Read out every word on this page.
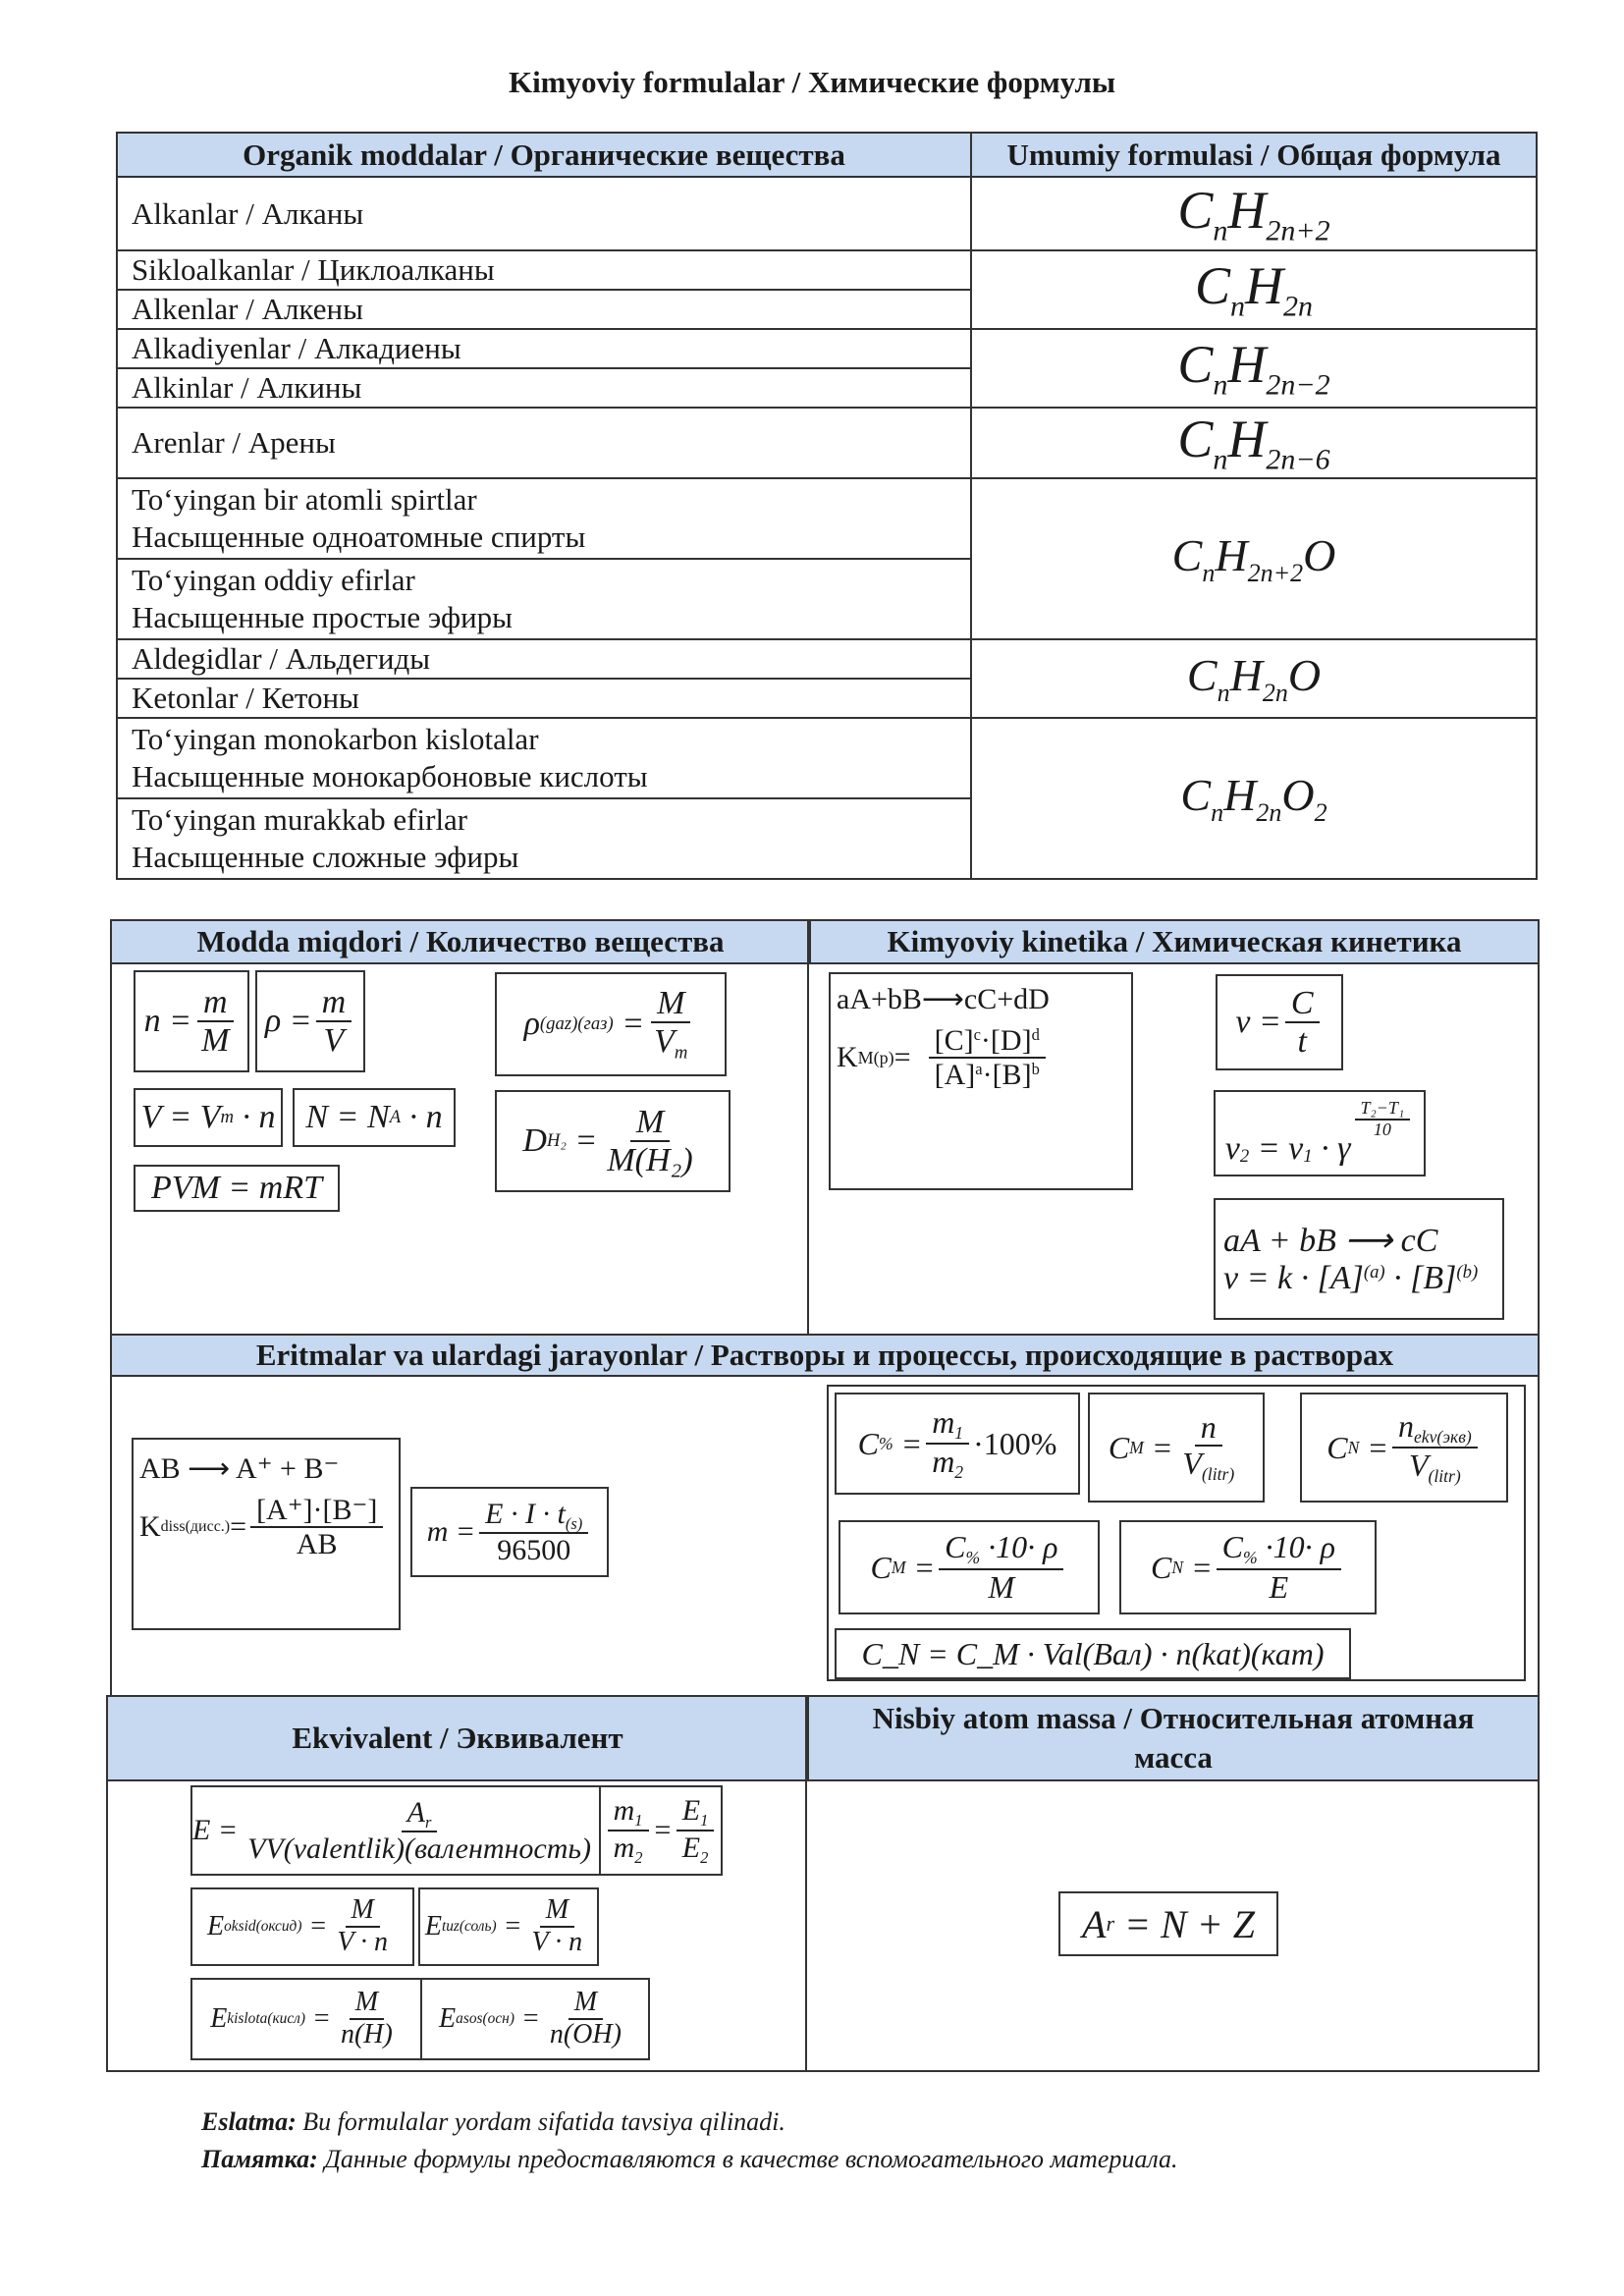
Kimyoviy formulalar / Химические формулы
Organik moddalar / Органические вещества	Umumiy formulasi / Общая формула
Alkanlar / Алканы	$C_nH_{2n+2}$
Sikloalkanlar / Циклоалканы	$C_nH_{2n}$
Alkenlar / Алкены	
Alkadiyenlar / Алкадиены	$C_nH_{2n-2}$
Alkinlar / Алкины	
Arenlar / Арены	$C_nH_{2n-6}$

To‘yingan bir atomli spirtlar
Насыщенные одноатомные спирты	$C_nH_{2n+2}O$

To‘yingan oddiy efirlar
Насыщенные простые эфиры	

Aldegidlar / Альдегиды	$C_nH_{2n}O$
Ketonlar / Кетоны	

To‘yingan monokarbon kislotalar
Насыщенные монокарбоновые кислоты	$C_nH_{2n}O_2$

To‘yingan murakkab efirlar
Насыщенные сложные эфиры	
Modda miqdori / Количество вещества	Kimyoviy kinetika / Химическая кинетика
$n = \frac{m}{M}$ $\rho = \frac{m}{V}$	ρ $(gaz)(газ) = \frac{M}{V_m}$
V = V m · n N = N A · n
D $H_2 = \frac{M}{\text{M(H₂)}}$
PVM = mRT
aA+bB⟶cC+dD
K $M(p) = \frac{[C]^c\cdot[D]^d}{[A]^a\cdot[B]^b}$
$v = \frac{C}{t}$
v 2 = v 1 · γ
$\frac{\text{T₂−T₁}}{10}$
aA + bB ⟶ cC
$v = k \cdot [A]^{(a)} \cdot [B]^{(b)}$
Eritmalar va ulardagi jarayonlar / Растворы и процессы, происходящие в растворах
AB ⟶ A⁺ + B⁻
K diss(дисс.) = $\frac{[A^+]\cdot[B^-]}{AB}$	$m = \frac{E \cdot I \cdot t_{(s)}}{96500}$
C % = $\frac{m_1}{m_2} \cdot 100\%$	C $M = \frac{n}{V_{(litr)}}$	C $N = \frac{n_{ekv(экв)}}{V_{(litr)}}$
C $M = \frac{C_{\%} \cdot 10\cdot \rho}{M}$	C $N = \frac{C_{\%} \cdot 10\cdot \rho}{E}$
C_N = C_M · Val(Вал) · n(kat)(кат)
Ekvivalent / Эквивалент
Nisbiy atom massa / Относительная атомная
масса
$E = \frac{A_r}{\text{VV(valentlik)(валентность)}} \frac{m_1}{m_2} = \frac{E_1}{E_2}$
E oksid(оксид) = $\frac{M}{V \cdot n}$ E tuz(соль) = $\frac{M}{V \cdot n}$
E kislota(кисл) = $\frac{M}{n(H)}$	E asos(осн) = $\frac{M}{n(OH)}$
A r = N + Z
Eslatma: Bu formulalar yordam sifatida tavsiya qilinadi.
Памятка: Данные формулы предоставляются в качестве вспомогательного материала.
